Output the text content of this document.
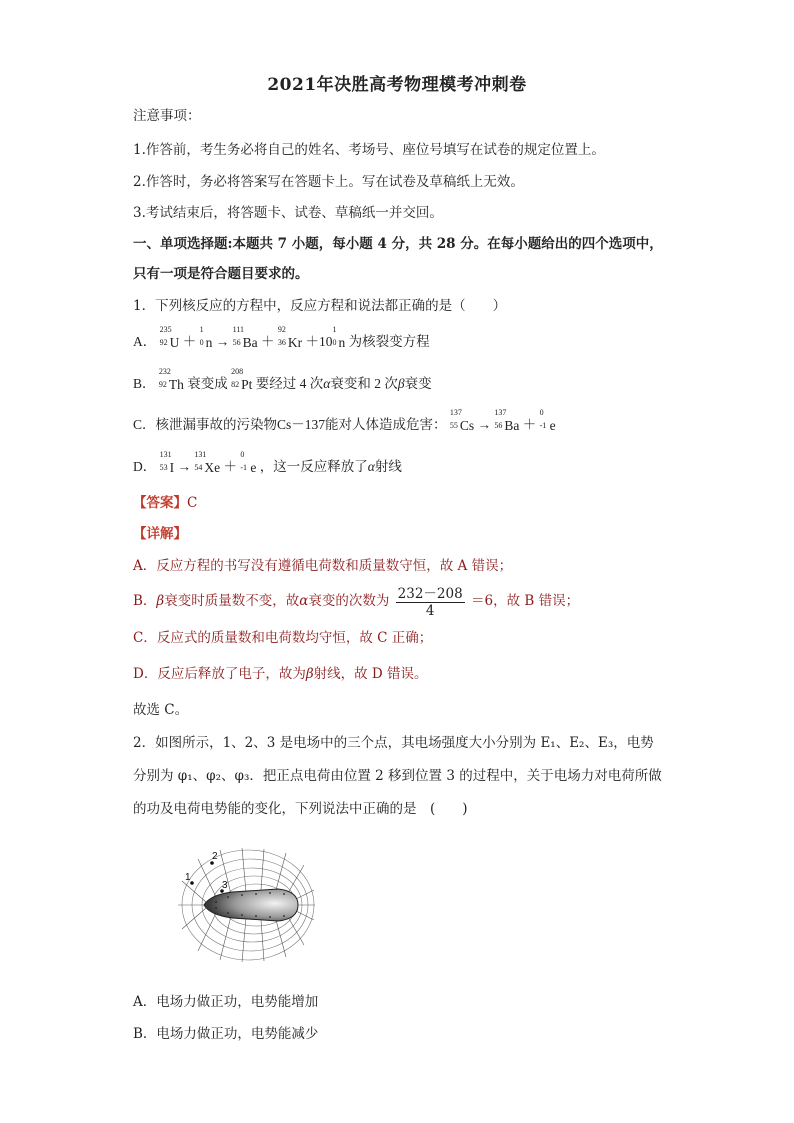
2021年决胜高考物理模考冲刺卷
注意事项：
1.作答前，考生务必将自己的姓名、考场号、座位号填写在试卷的规定位置上。
2.作答时，务必将答案写在答题卡上。写在试卷及草稿纸上无效。
3.考试结束后，将答题卡、试卷、草稿纸一并交回。
一、单项选择题:本题共 7 小题，每小题 4 分，共 28 分。在每小题给出的四个选项中，
只有一项是符合题目要求的。
1．下列核反应的方程中，反应方程和说法都正确的是（　　）
A．
235
92 U ＋
1
0 n →
111
56 Ba ＋
92
36 Kr ＋10
1
0 n 为核裂变方程
B．
232
92 Th 衰变成
208
82 Pt 要经过 4 次α衰变和 2 次β衰变
C．核泄漏事故的污染物Cs－137能对人体造成危害：
137
55 Cs →
137
56 Ba ＋
0
-1 e
D．
131
53 I →
131
54 Xe ＋
0
-1 e ，这一反应释放了α射线
【答案】C
【详解】
A．反应方程的书写没有遵循电荷数和质量数守恒，故 A 错误；
B．β衰变时质量数不变，故α衰变的次数为 $\frac{232-208}{4} =6$，故 B 错误；
C．反应式的质量数和电荷数均守恒，故 C 正确；
D．反应后释放了电子，故为β射线，故 D 错误。
故选 C。
2．如图所示，1、2、3 是电场中的三个点，其电场强度大小分别为 E₁、E₂、E₃，电势
分别为 φ₁、φ₂、φ₃．把正点电荷由位置 2 移到位置 3 的过程中，关于电场力对电荷所做
的功及电荷电势能的变化，下列说法中正确的是　(　　)
1
2
3
A．电场力做正功，电势能增加
B．电场力做正功，电势能减少
